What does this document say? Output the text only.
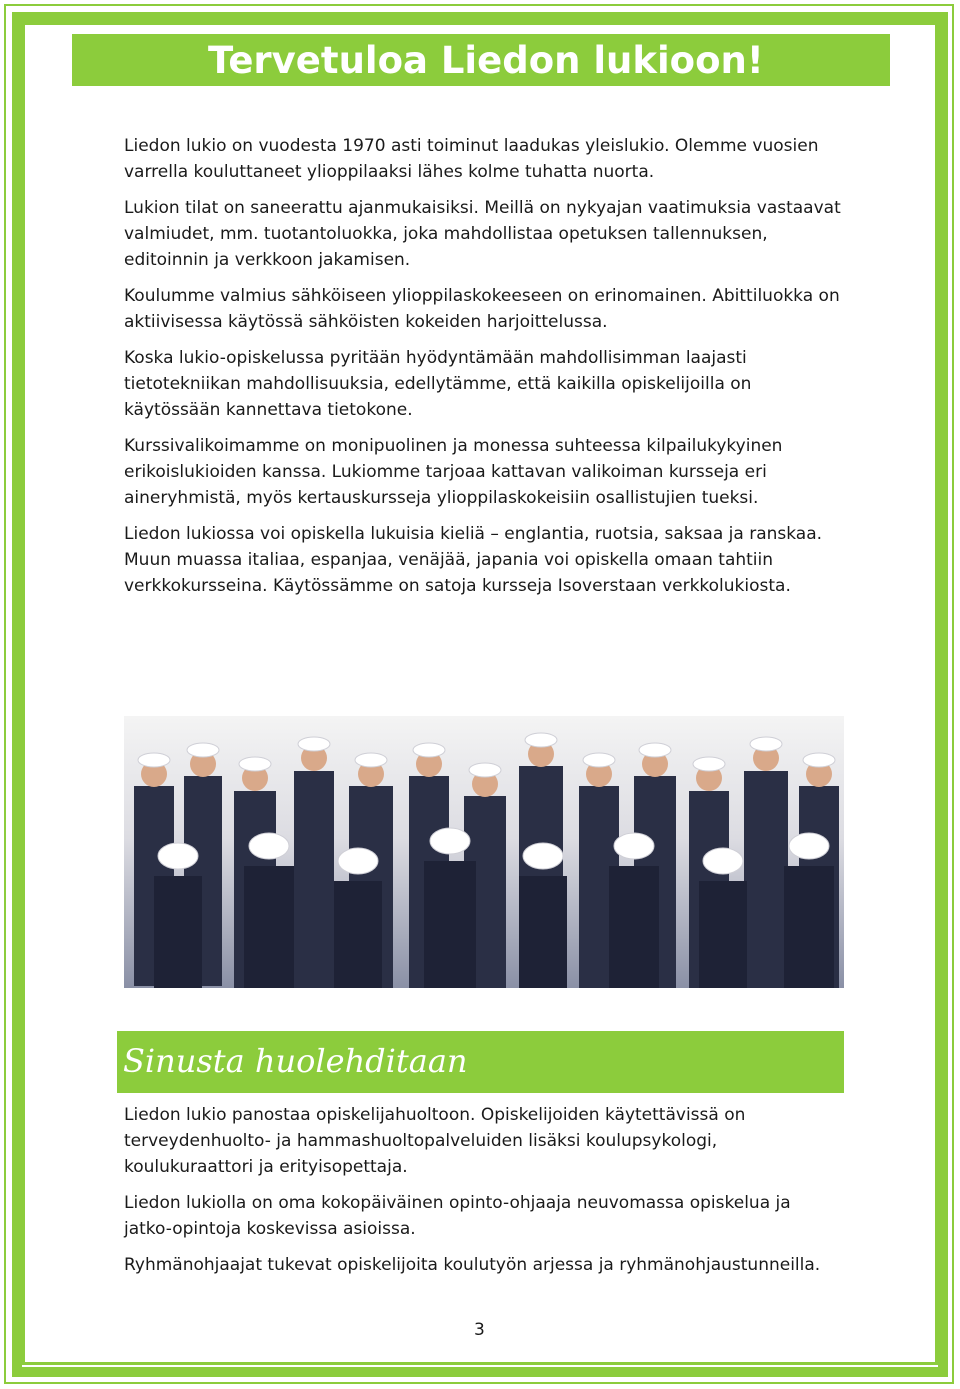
Tervetuloa Liedon lukioon!

Liedon lukio on vuodesta 1970 asti toiminut laadukas yleislukio. Olemme vuosien varrella kouluttaneet ylioppilaaksi lähes kolme tuhatta nuorta.

Lukion tilat on saneerattu ajanmukaisiksi. Meillä on nykyajan vaatimuksia vastaavat valmiudet, mm. tuotantoluokka, joka mahdollistaa opetuksen tallennuksen, editoinnin ja verkkoon jakamisen.

Koulumme valmius sähköiseen ylioppilaskokeeseen on erinomainen. Abittiluokka on aktiivisessa käytössä sähköisten kokeiden harjoittelussa.

Koska lukio-opiskelussa pyritään hyödyntämään mahdollisimman laajasti tietotekniikan mahdollisuuksia, edellytämme, että kaikilla opiskelijoilla on käytössään kannettava tietokone.

Kurssivalikoimamme on monipuolinen ja monessa suhteessa kilpailukykyinen erikoislukioiden kanssa. Lukiomme tarjoaa kattavan valikoiman kursseja eri aineryhmistä, myös kertauskursseja ylioppilaskokeisiin osallistujien tueksi.

Liedon lukiossa voi opiskella lukuisia kieliä – englantia, ruotsia, saksaa ja ranskaa. Muun muassa italiaa, espanjaa, venäjää, japania voi opiskella omaan tahtiin verkkokursseina. Käytössämme on satoja kursseja Isoverstaan verkkolukiosta.

Sinusta huolehditaan

Liedon lukio panostaa opiskelijahuoltoon. Opiskelijoiden käytettävissä on terveydenhuolto- ja hammashuoltopalveluiden lisäksi koulupsykologi, koulukuraattori ja erityisopettaja.

Liedon lukiolla on oma kokopäiväinen opinto-ohjaaja neuvomassa opiskelua ja jatko-opintoja koskevissa asioissa.

Ryhmänohjaajat tukevat opiskelijoita koulutyön arjessa ja ryhmänohjaustunneilla.

3
